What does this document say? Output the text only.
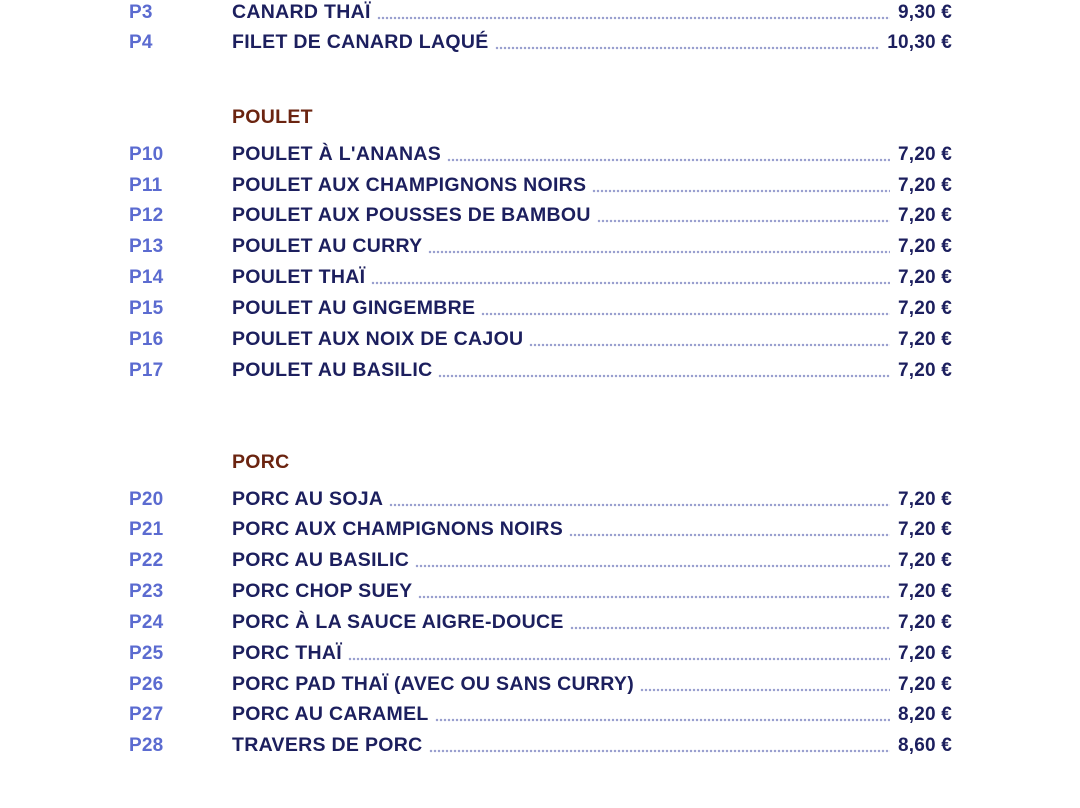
P3	CANARD THAÏ	9,30 €
P4	FILET DE CANARD LAQUÉ	10,30 €
POULET
P10	POULET À L'ANANAS	7,20 €
P11	POULET AUX CHAMPIGNONS NOIRS	7,20 €
P12	POULET AUX POUSSES DE BAMBOU	7,20 €
P13	POULET AU CURRY	7,20 €
P14	POULET THAÏ	7,20 €
P15	POULET AU GINGEMBRE	7,20 €
P16	POULET AUX NOIX DE CAJOU	7,20 €
P17	POULET AU BASILIC	7,20 €
PORC
P20	PORC AU SOJA	7,20 €
P21	PORC AUX CHAMPIGNONS NOIRS	7,20 €
P22	PORC AU BASILIC	7,20 €
P23	PORC CHOP SUEY	7,20 €
P24	PORC À LA SAUCE AIGRE-DOUCE	7,20 €
P25	PORC THAÏ	7,20 €
P26	PORC PAD THAÏ (AVEC OU SANS CURRY)	7,20 €
P27	PORC AU CARAMEL	8,20 €
P28	TRAVERS DE PORC	8,60 €
